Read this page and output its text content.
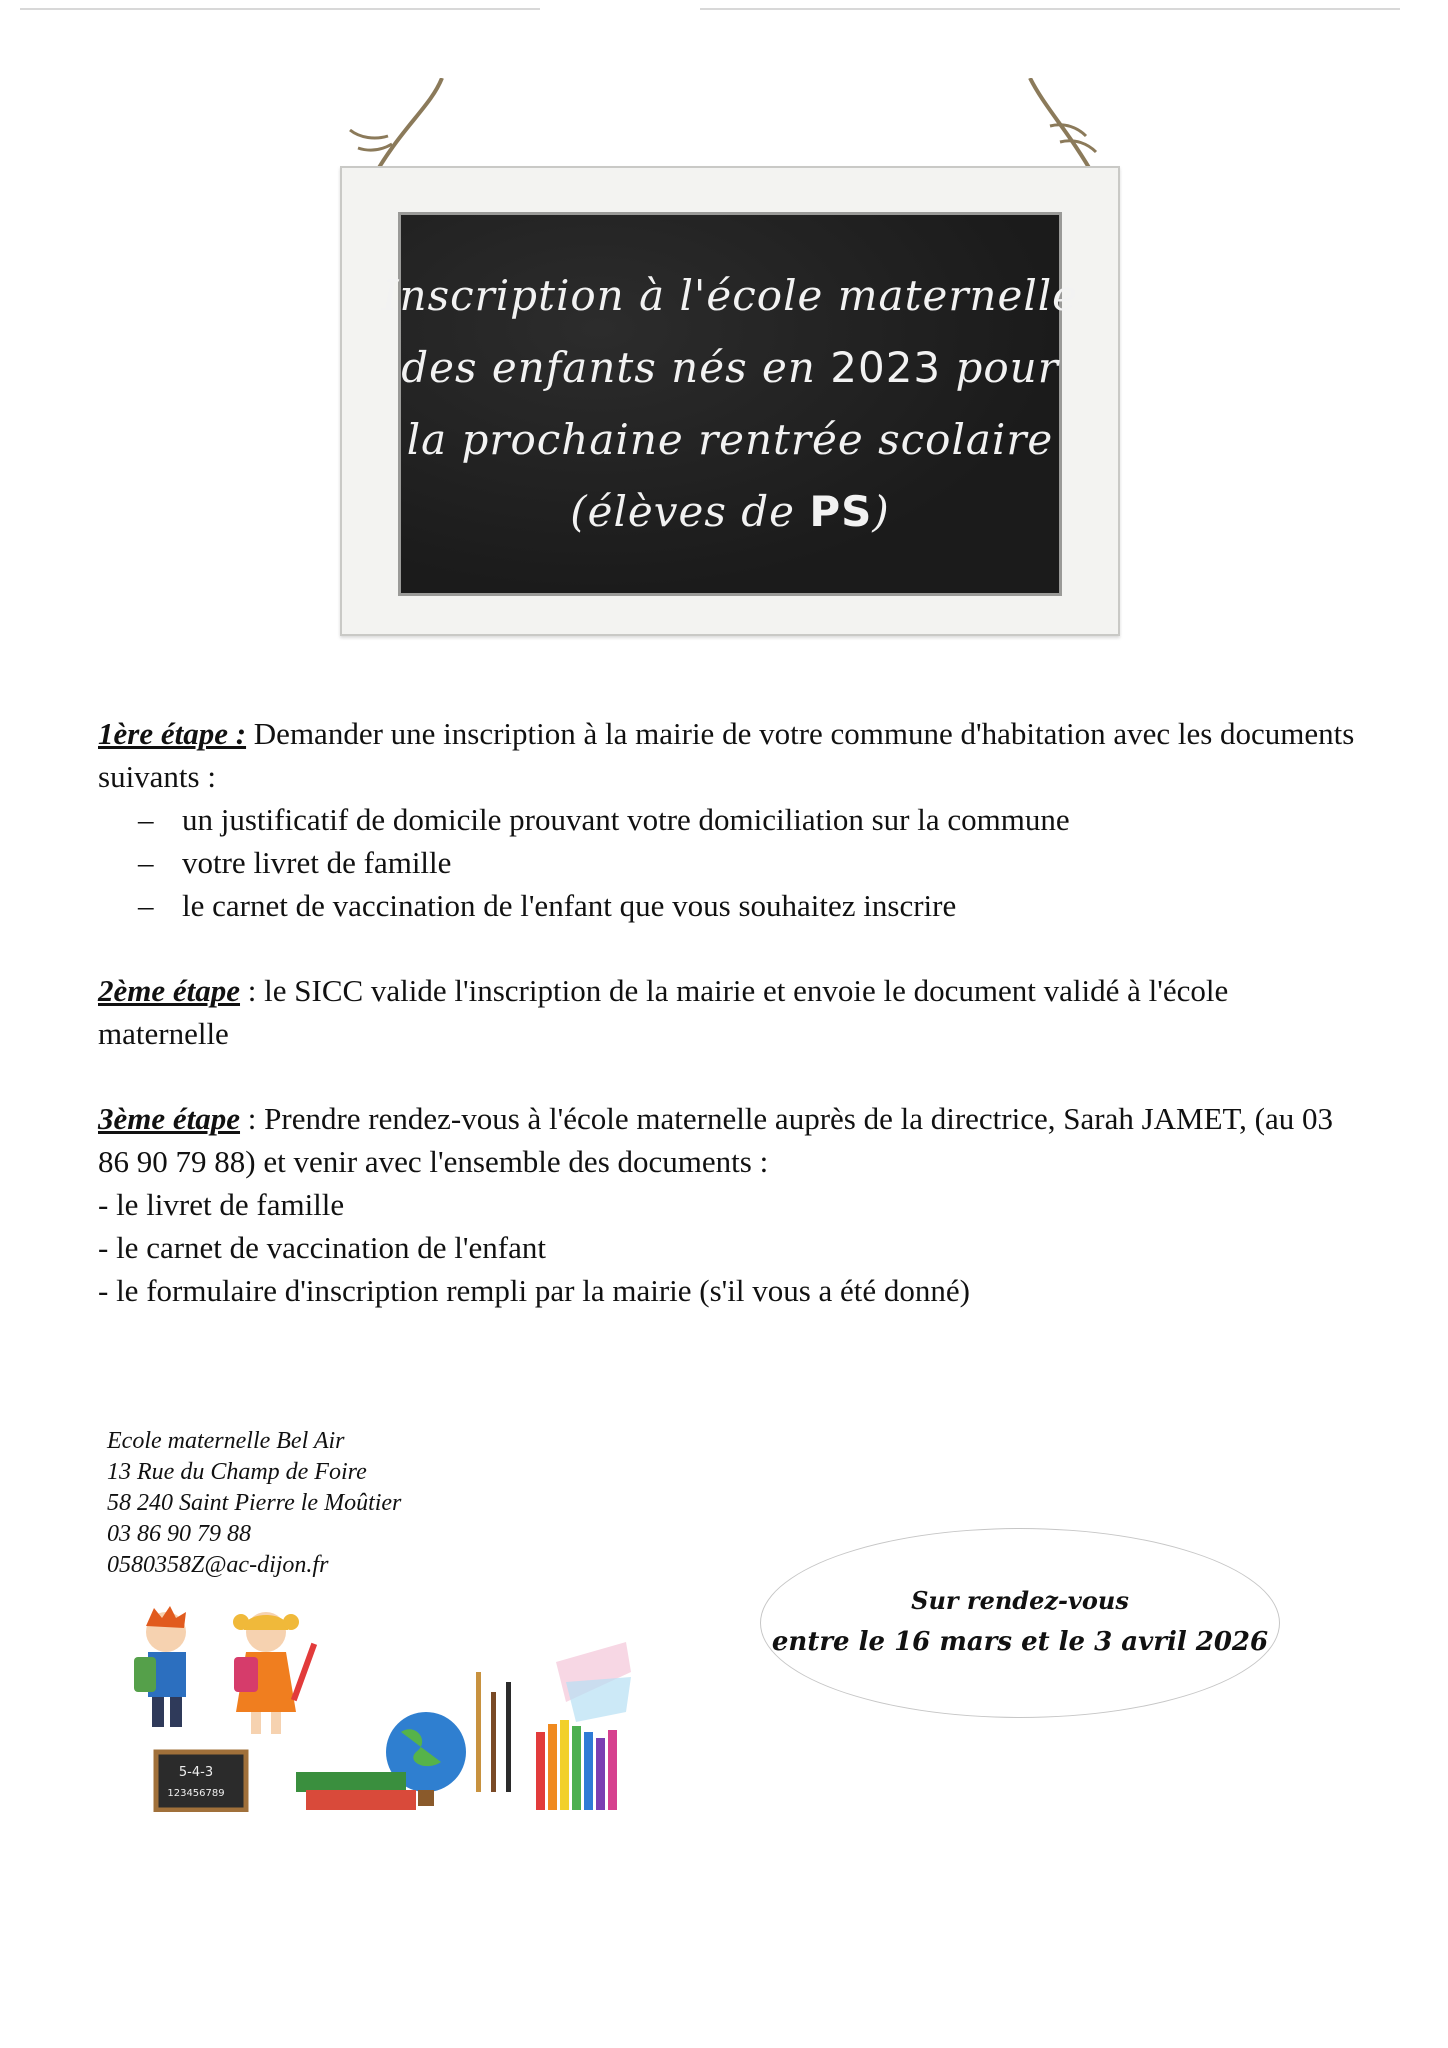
Inscription à l'école maternelle
des enfants nés en 2023 pour
la prochaine rentrée scolaire
(élèves de PS)

1ère étape : Demander une inscription à la mairie de votre commune d'habitation avec les documents suivants :

– un justificatif de domicile prouvant votre domiciliation sur la commune
– votre livret de famille
– le carnet de vaccination de l'enfant que vous souhaitez inscrire

2ème étape : le SICC valide l'inscription de la mairie et envoie le document validé à l'école maternelle

3ème étape : Prendre rendez-vous à l'école maternelle auprès de la directrice, Sarah JAMET, (au 03 86 90 79 88) et venir avec l'ensemble des documents :

- le livret de famille
- le carnet de vaccination de l'enfant
- le formulaire d'inscription rempli par la mairie (s'il vous a été donné)
Ecole maternelle Bel Air
13 Rue du Champ de Foire
58 240 Saint Pierre le Moûtier
03 86 90 79 88
0580358Z@ac-dijon.fr
Sur rendez-vous
entre le 16 mars et le 3 avril 2026
5-4-3
123456789
